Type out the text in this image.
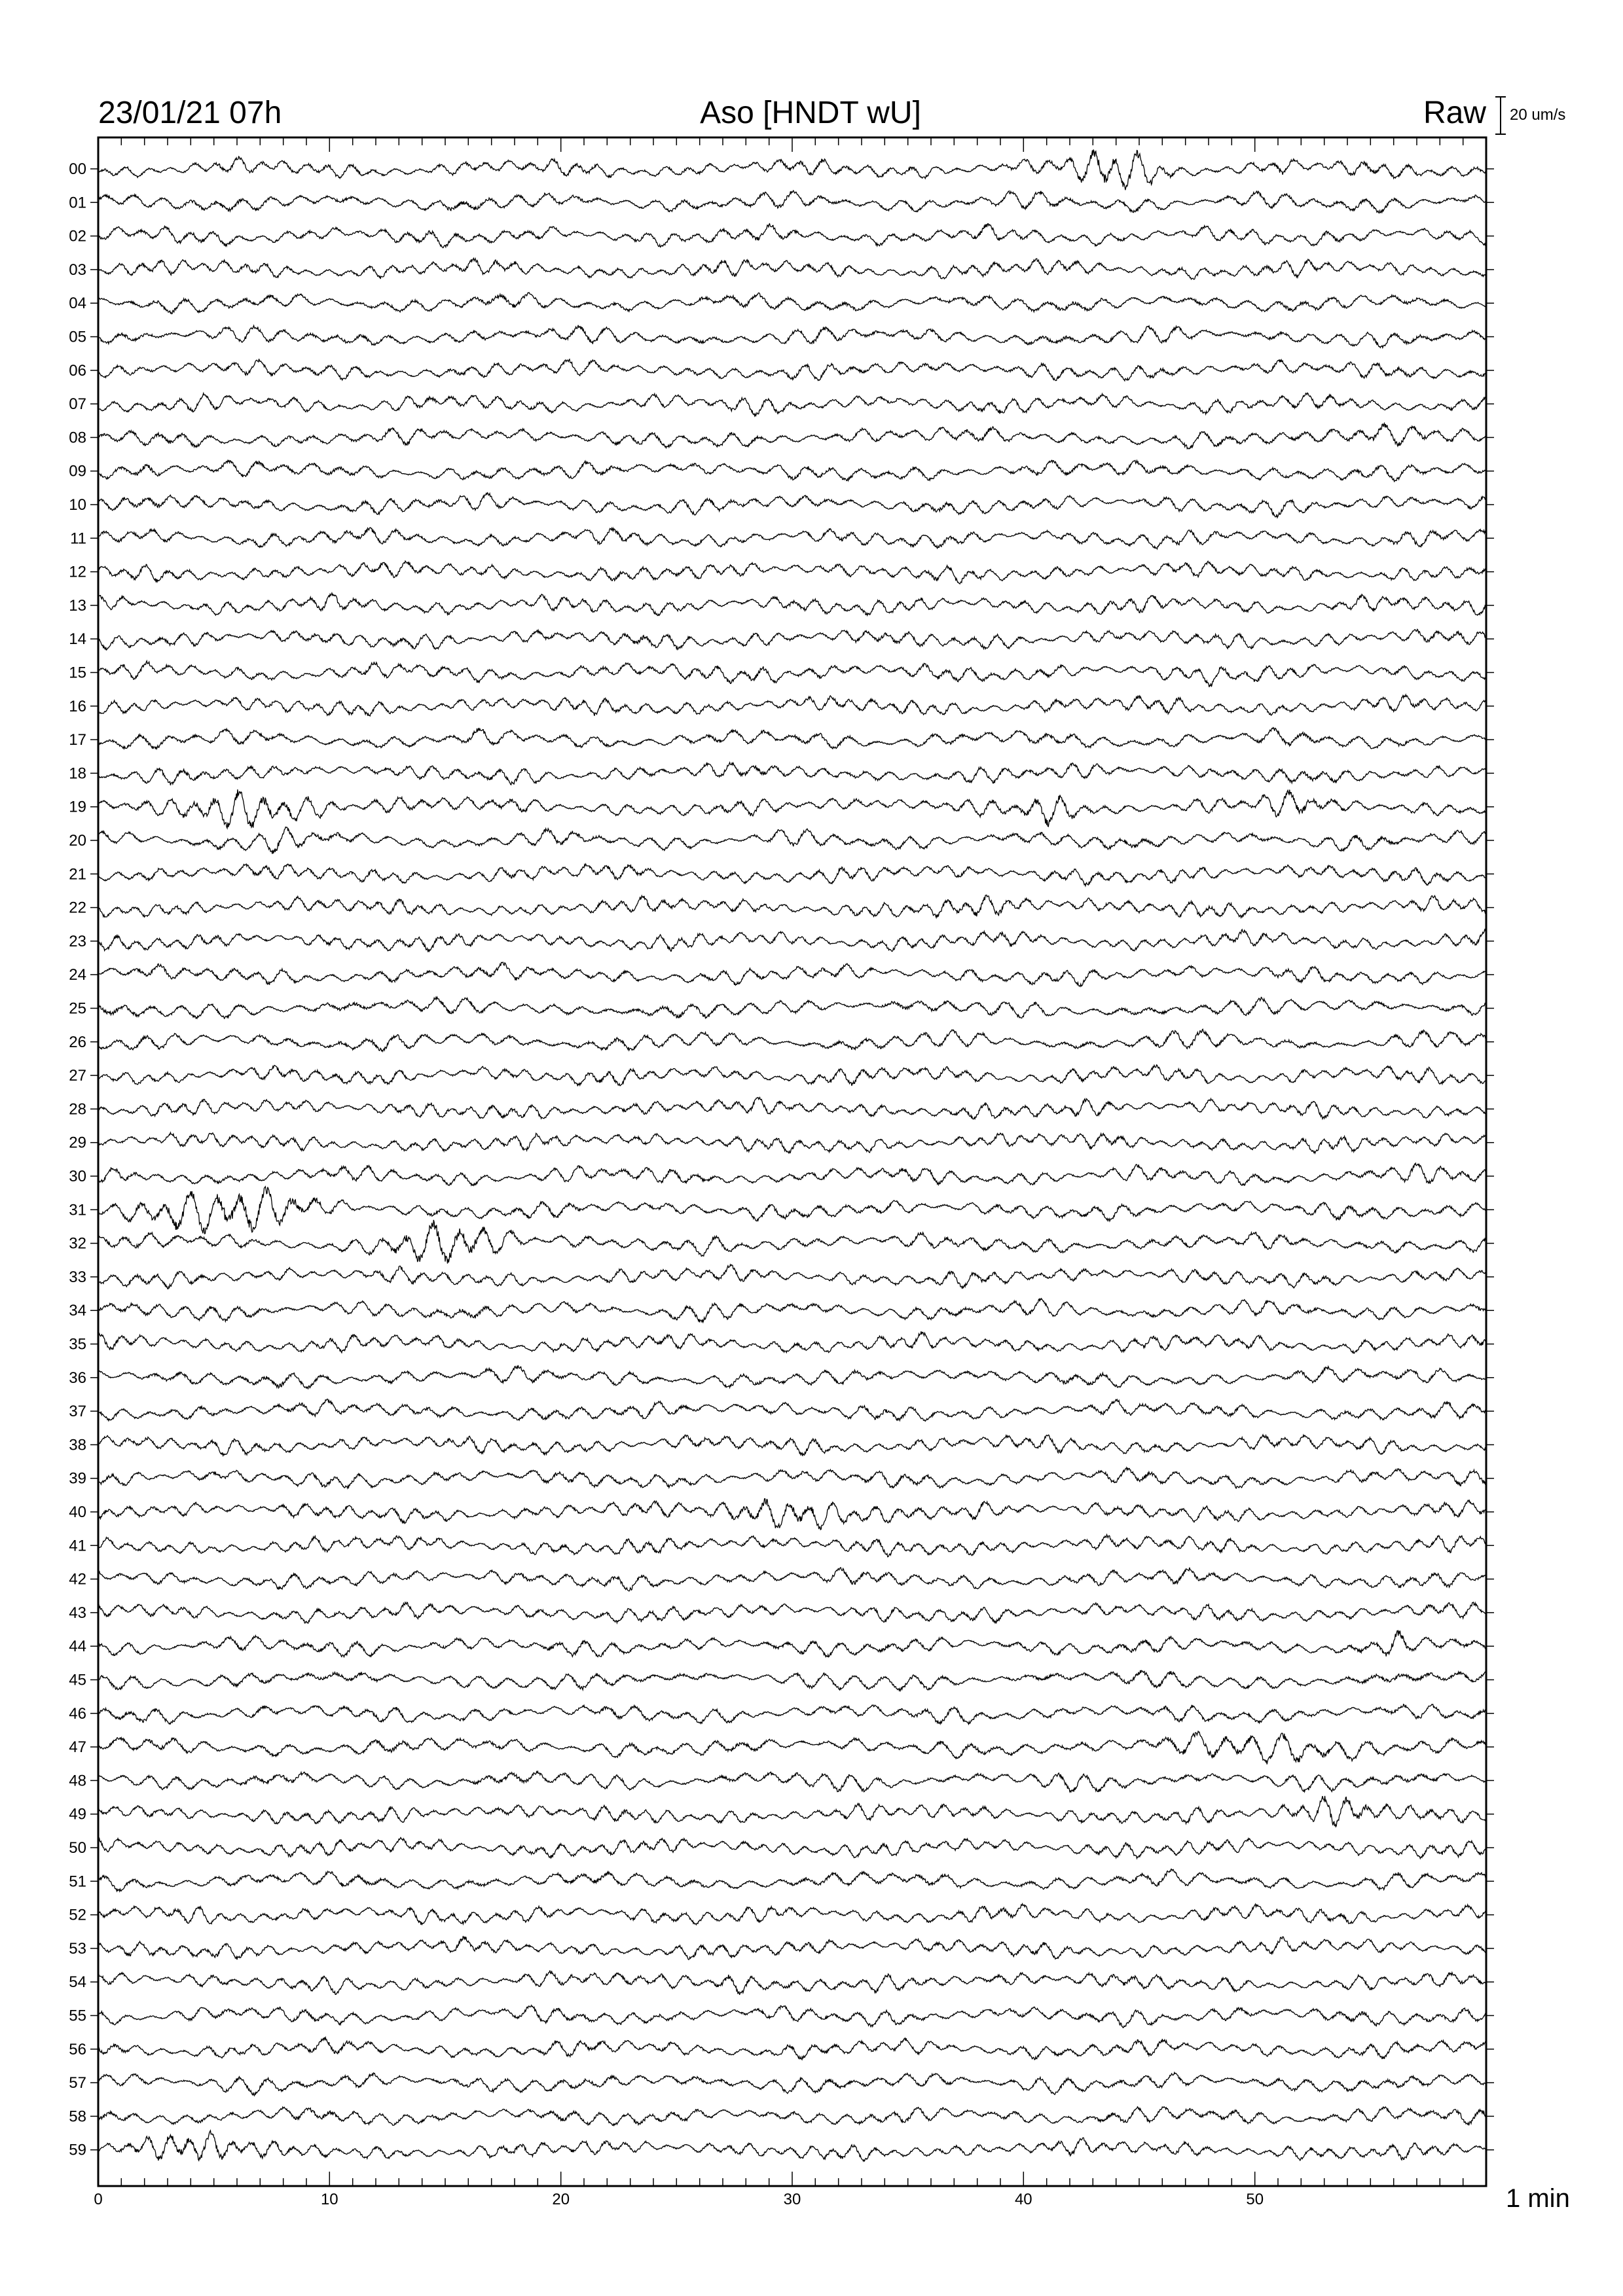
23/01/21 07h	Aso [HNDT wU]	Raw 20 um/s
00
01
02
03
04
05
06
07
08
09
10
11
12
13
14
15
16
17
18
19
20
21
22
23
24
25
26
27
28
29
30
31
32
33
34
35
36
37
38
39
40
41
42
43
44
45
46
47
48
49
50
51
52
53
54
55
56
57
58
59
0	10	20	30	40	50	1 min
